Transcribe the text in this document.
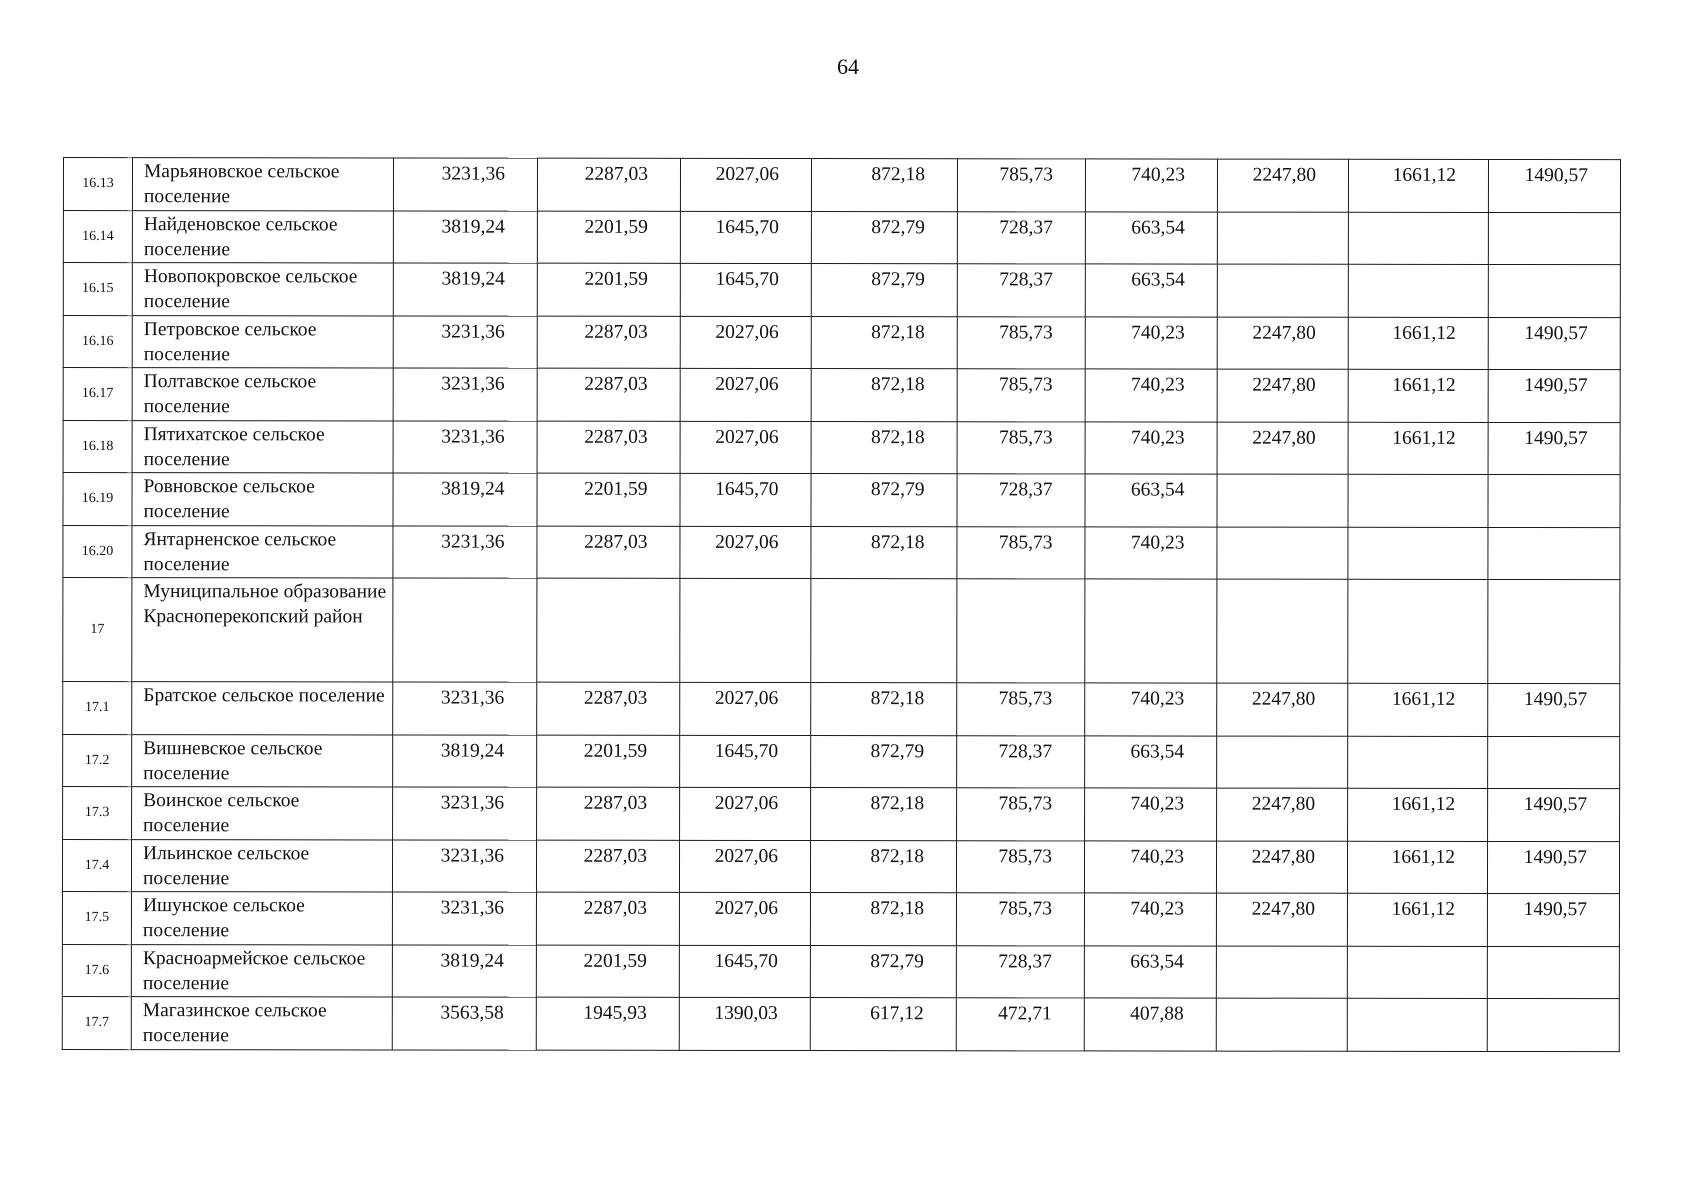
64
16.13	Марьяновское сельское поселение	3231,36	2287,03	2027,06	872,18	785,73	740,23	2247,80	1661,12	1490,57
16.14	Найденовское сельское поселение	3819,24	2201,59	1645,70	872,79	728,37	663,54			
16.15	Новопокровское сельское поселение	3819,24	2201,59	1645,70	872,79	728,37	663,54			
16.16	Петровское сельское поселение	3231,36	2287,03	2027,06	872,18	785,73	740,23	2247,80	1661,12	1490,57
16.17	Полтавское сельское поселение	3231,36	2287,03	2027,06	872,18	785,73	740,23	2247,80	1661,12	1490,57
16.18	Пятихатское сельское поселение	3231,36	2287,03	2027,06	872,18	785,73	740,23	2247,80	1661,12	1490,57
16.19	Ровновское сельское поселение	3819,24	2201,59	1645,70	872,79	728,37	663,54			
16.20	Янтарненское сельское поселение	3231,36	2287,03	2027,06	872,18	785,73	740,23			
17	Муниципальное образование Красноперекопский район									
17.1	Братское сельское поселение	3231,36	2287,03	2027,06	872,18	785,73	740,23	2247,80	1661,12	1490,57
17.2	Вишневское сельское поселение	3819,24	2201,59	1645,70	872,79	728,37	663,54			
17.3	Воинское сельское поселение	3231,36	2287,03	2027,06	872,18	785,73	740,23	2247,80	1661,12	1490,57
17.4	Ильинское сельское поселение	3231,36	2287,03	2027,06	872,18	785,73	740,23	2247,80	1661,12	1490,57
17.5	Ишунское сельское поселение	3231,36	2287,03	2027,06	872,18	785,73	740,23	2247,80	1661,12	1490,57
17.6	Красноармейское сельское поселение	3819,24	2201,59	1645,70	872,79	728,37	663,54			
17.7	Магазинское сельское поселение	3563,58	1945,93	1390,03	617,12	472,71	407,88			
